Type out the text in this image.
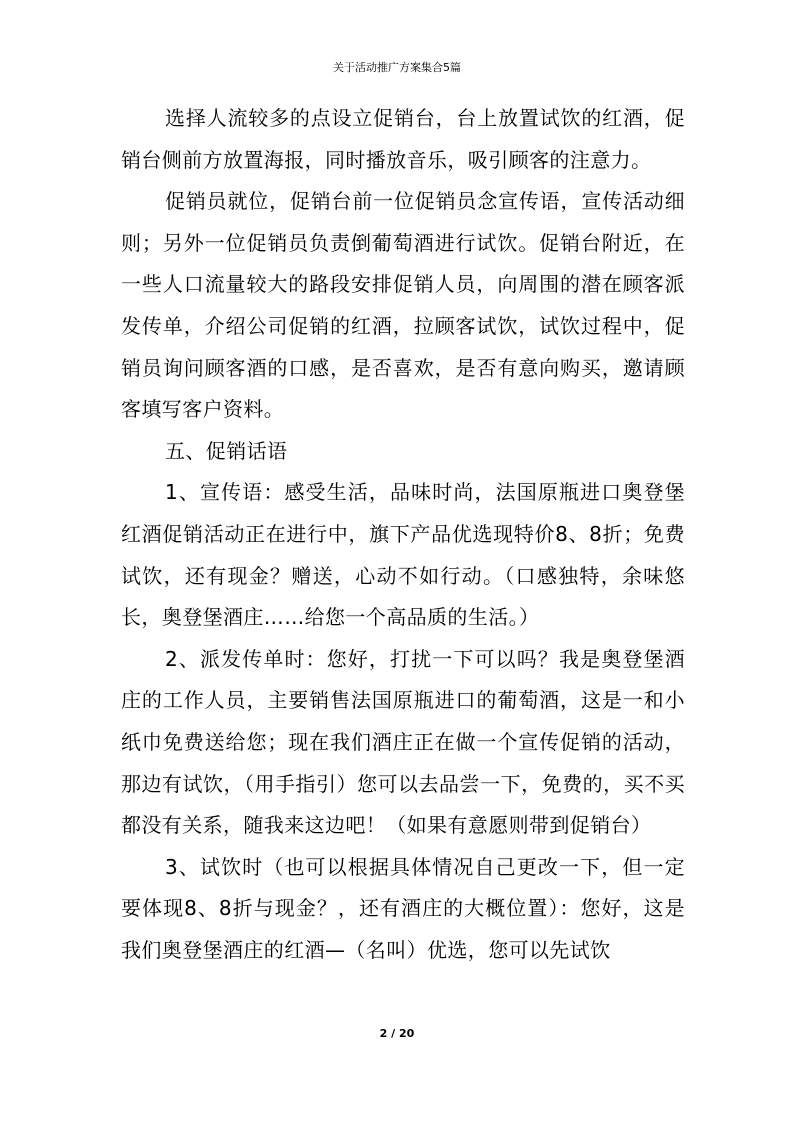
关于活动推广方案集合5篇

选择人流较多的点设立促销台，台上放置试饮的红酒，促销台侧前方放置海报，同时播放音乐，吸引顾客的注意力。

促销员就位，促销台前一位促销员念宣传语，宣传活动细则；另外一位促销员负责倒葡萄酒进行试饮。促销台附近，在一些人口流量较大的路段安排促销人员，向周围的潜在顾客派发传单，介绍公司促销的红酒，拉顾客试饮，试饮过程中，促销员询问顾客酒的口感，是否喜欢，是否有意向购买，邀请顾客填写客户资料。

五、促销话语

1、宣传语：感受生活，品味时尚，法国原瓶进口奥登堡红酒促销活动正在进行中，旗下产品优选现特价8、8折；免费试饮，还有现金？赠送，心动不如行动。（口感独特，余味悠长，奥登堡酒庄……给您一个高品质的生活。）

2、派发传单时：您好，打扰一下可以吗？我是奥登堡酒庄的工作人员，主要销售法国原瓶进口的葡萄酒，这是一和小纸巾免费送给您；现在我们酒庄正在做一个宣传促销的活动，那边有试饮，（用手指引）您可以去品尝一下，免费的，买不买都没有关系，随我来这边吧！（如果有意愿则带到促销台）

3、试饮时（也可以根据具体情况自己更改一下，但一定要体现8、8折与现金？，还有酒庄的大概位置）：您好，这是我们奥登堡酒庄的红酒—（名叫）优选，您可以先试饮

2 / 20
